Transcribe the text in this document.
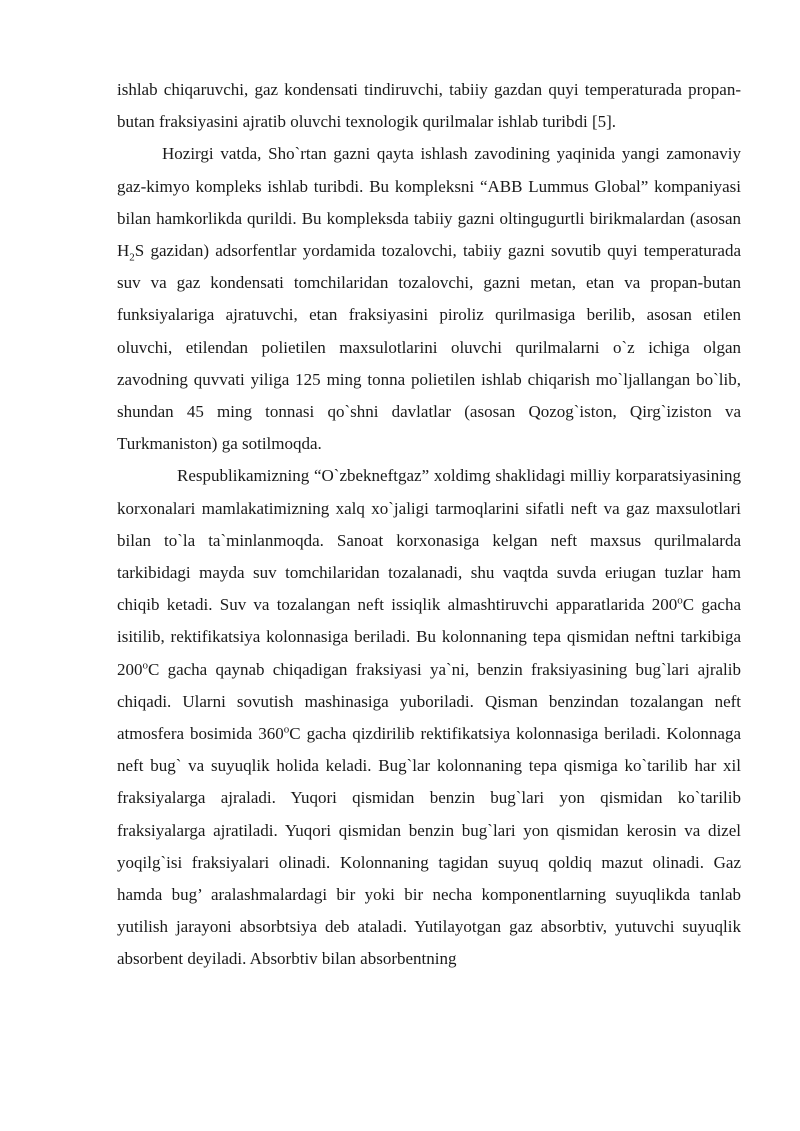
ishlab chiqaruvchi, gaz kondensati tindiruvchi, tabiiy gazdan quyi temperaturada propan-butan fraksiyasini ajratib oluvchi texnologik qurilmalar ishlab turibdi [5].

Hozirgi vatda, Sho`rtan gazni qayta ishlash zavodining yaqinida yangi zamonaviy gaz-kimyo kompleks ishlab turibdi. Bu kompleksni “ABB Lummus Global” kompaniyasi bilan hamkorlikda qurildi. Bu kompleksda tabiiy gazni oltingugurtli birikmalardan (asosan $H_2S$ gazidan) adsorfentlar yordamida tozalovchi, tabiiy gazni sovutib quyi temperaturada suv va gaz kondensati tomchilaridan tozalovchi, gazni metan, etan va propan-butan funksiyalariga ajratuvchi, etan fraksiyasini piroliz qurilmasiga berilib, asosan etilen oluvchi, etilendan polietilen maxsulotlarini oluvchi qurilmalarni o`z ichiga olgan zavodning quvvati yiliga 125 ming tonna polietilen ishlab chiqarish mo`ljallangan bo`lib, shundan 45 ming tonnasi qo`shni davlatlar (asosan Qozog`iston, Qirg`iziston va Turkmaniston) ga sotilmoqda.

Respublikamizning “O`zbekneftgaz” xoldimg shaklidagi milliy korparatsiyasining korxonalari mamlakatimizning xalq xo`jaligi tarmoqlarini sifatli neft va gaz maxsulotlari bilan to`la ta`minlanmoqda. Sanoat korxonasiga kelgan neft maxsus qurilmalarda tarkibidagi mayda suv tomchilaridan tozalanadi, shu vaqtda suvda eriugan tuzlar ham chiqib ketadi. Suv va tozalangan neft issiqlik almashtiruvchi apparatlarida 200$^o$C gacha isitilib, rektifikatsiya kolonnasiga beriladi. Bu kolonnaning tepa qismidan neftni tarkibiga 200$^o$C gacha qaynab chiqadigan fraksiyasi ya`ni, benzin fraksiyasining bug`lari ajralib chiqadi. Ularni sovutish mashinasiga yuboriladi. Qisman benzindan tozalangan neft atmosfera bosimida 360$^o$C gacha qizdirilib rektifikatsiya kolonnasiga beriladi. Kolonnaga neft bug` va suyuqlik holida keladi. Bug`lar kolonnaning tepa qismiga ko`tarilib har xil fraksiyalarga ajraladi. Yuqori qismidan benzin bug`lari yon qismidan ko`tarilib fraksiyalarga ajratiladi. Yuqori qismidan benzin bug`lari yon qismidan kerosin va dizel yoqilg`isi fraksiyalari olinadi. Kolonnaning tagidan suyuq qoldiq mazut olinadi. Gaz hamda bug’ aralashmalardagi bir yoki bir necha komponentlarning suyuqlikda tanlab yutilish jarayoni absorbtsiya deb ataladi. Yutilayotgan gaz absorbtiv, yutuvchi suyuqlik absorbent deyiladi. Absorbtiv bilan absorbentning
